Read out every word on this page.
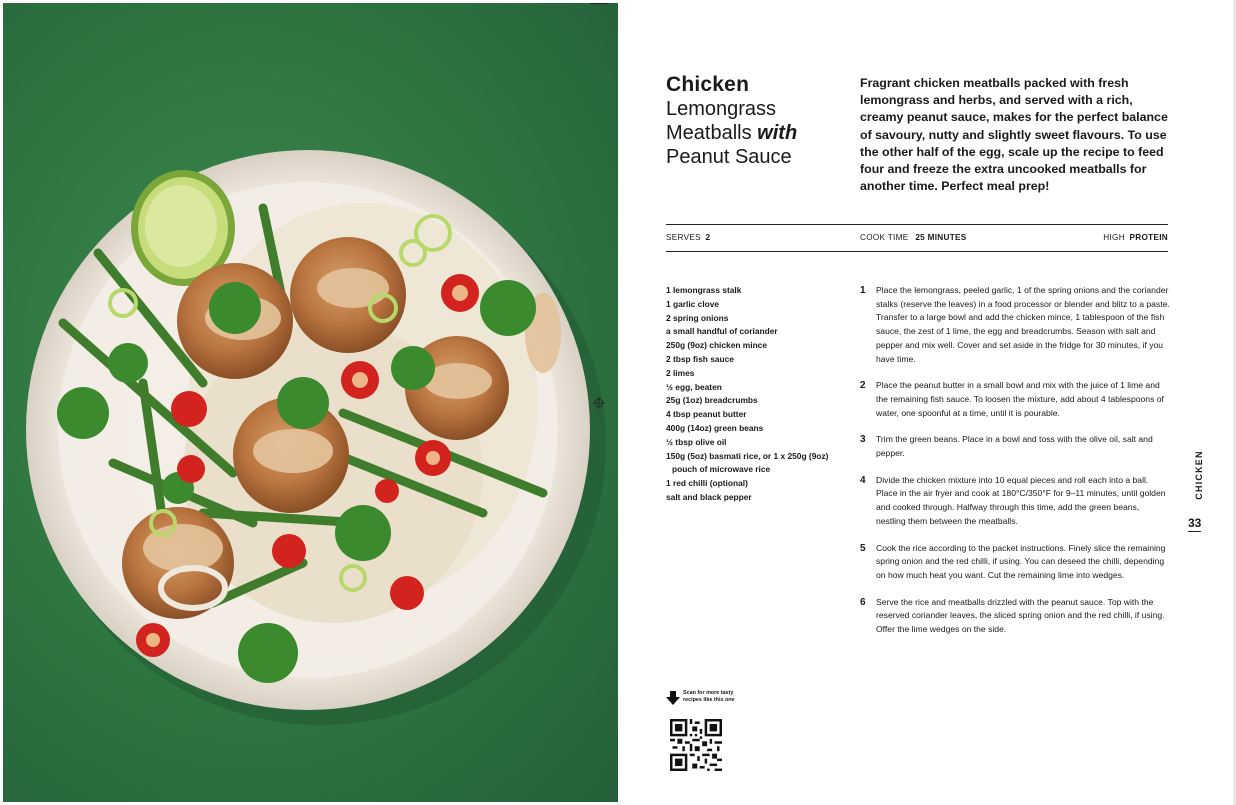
Chicken
Lemongrass
Meatballs with
Peanut Sauce
Fragrant chicken meatballs packed with fresh lemongrass and herbs, and served with a rich, creamy peanut sauce, makes for the perfect balance of savoury, nutty and slightly sweet flavours. To use the other half of the egg, scale up the recipe to feed four and freeze the extra uncooked meatballs for another time. Perfect meal prep!
SERVES 2	COOK TIME 25 MINUTES	HIGH PROTEIN
1 lemongrass stalk
1 garlic clove
2 spring onions
a small handful of coriander
250g (9oz) chicken mince
2 tbsp fish sauce
2 limes
½ egg, beaten
25g (1oz) breadcrumbs
4 tbsp peanut butter
400g (14oz) green beans
½ tbsp olive oil
150g (5oz) basmati rice, or 1 x 250g (9oz)
pouch of microwave rice
1 red chilli (optional)
salt and black pepper
1 Place the lemongrass, peeled garlic, 1 of the spring onions and the coriander stalks (reserve the leaves) in a food processor or blender and blitz to a paste. Transfer to a large bowl and add the chicken mince, 1 tablespoon of the fish sauce, the zest of 1 lime, the egg and breadcrumbs. Season with salt and pepper and mix well. Cover and set aside in the fridge for 30 minutes, if you have time.
2 Place the peanut butter in a small bowl and mix with the juice of 1 lime and the remaining fish sauce. To loosen the mixture, add about 4 tablespoons of water, one spoonful at a time, until it is pourable.
3 Trim the green beans. Place in a bowl and toss with the olive oil, salt and pepper.
4 Divide the chicken mixture into 10 equal pieces and roll each into a ball. Place in the air fryer and cook at 180°C/350°F for 9–11 minutes, until golden and cooked through. Halfway through this time, add the green beans, nestling them between the meatballs.
5 Cook the rice according to the packet instructions. Finely slice the remaining spring onion and the red chilli, if using. You can deseed the chilli, depending on how much heat you want. Cut the remaining lime into wedges.
6 Serve the rice and meatballs drizzled with the peanut sauce. Top with the reserved coriander leaves, the sliced spring onion and the red chilli, if using. Offer the lime wedges on the side.
CHICKEN
33
Scan for more tasty recipes like this one
